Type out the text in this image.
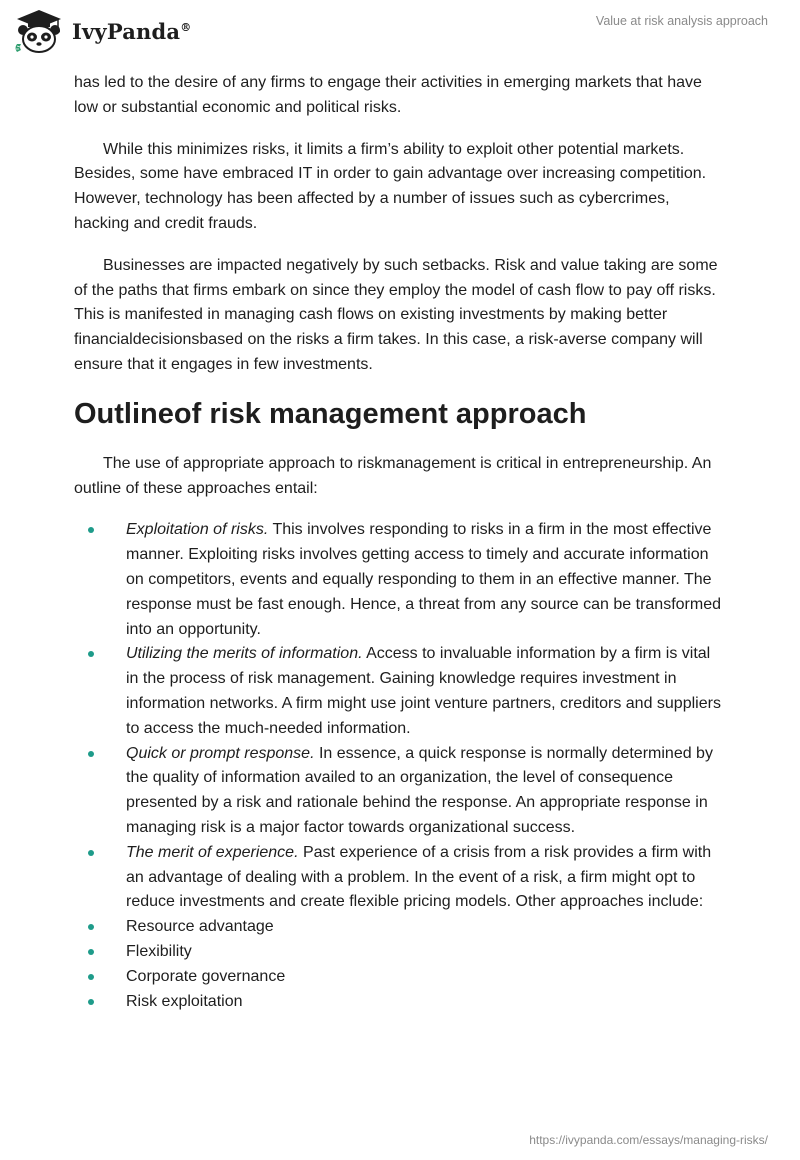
IvyPanda®	Value at risk analysis approach

has led to the desire of any firms to engage their activities in emerging markets that have low or substantial economic and political risks.

While this minimizes risks, it limits a firm’s ability to exploit other potential markets. Besides, some have embraced IT in order to gain advantage over increasing competition. However, technology has been affected by a number of issues such as cybercrimes, hacking and credit frauds.

Businesses are impacted negatively by such setbacks. Risk and value taking are some of the paths that firms embark on since they employ the model of cash flow to pay off risks. This is manifested in managing cash flows on existing investments by making better financialdecisionsbased on the risks a firm takes. In this case, a risk-averse company will ensure that it engages in few investments.

Outlineof risk management approach

The use of appropriate approach to riskmanagement is critical in entrepreneurship. An outline of these approaches entail:

Exploitation of risks. This involves responding to risks in a firm in the most effective manner. Exploiting risks involves getting access to timely and accurate information on competitors, events and equally responding to them in an effective manner. The response must be fast enough. Hence, a threat from any source can be transformed into an opportunity.
Utilizing the merits of information. Access to invaluable information by a firm is vital in the process of risk management. Gaining knowledge requires investment in information networks. A firm might use joint venture partners, creditors and suppliers to access the much-needed information.
Quick or prompt response. In essence, a quick response is normally determined by the quality of information availed to an organization, the level of consequence presented by a risk and rationale behind the response. An appropriate response in managing risk is a major factor towards organizational success.
The merit of experience. Past experience of a crisis from a risk provides a firm with an advantage of dealing with a problem. In the event of a risk, a firm might opt to reduce investments and create flexible pricing models. Other approaches include:
Resource advantage
Flexibility
Corporate governance
Risk exploitation
https://ivypanda.com/essays/managing-risks/
